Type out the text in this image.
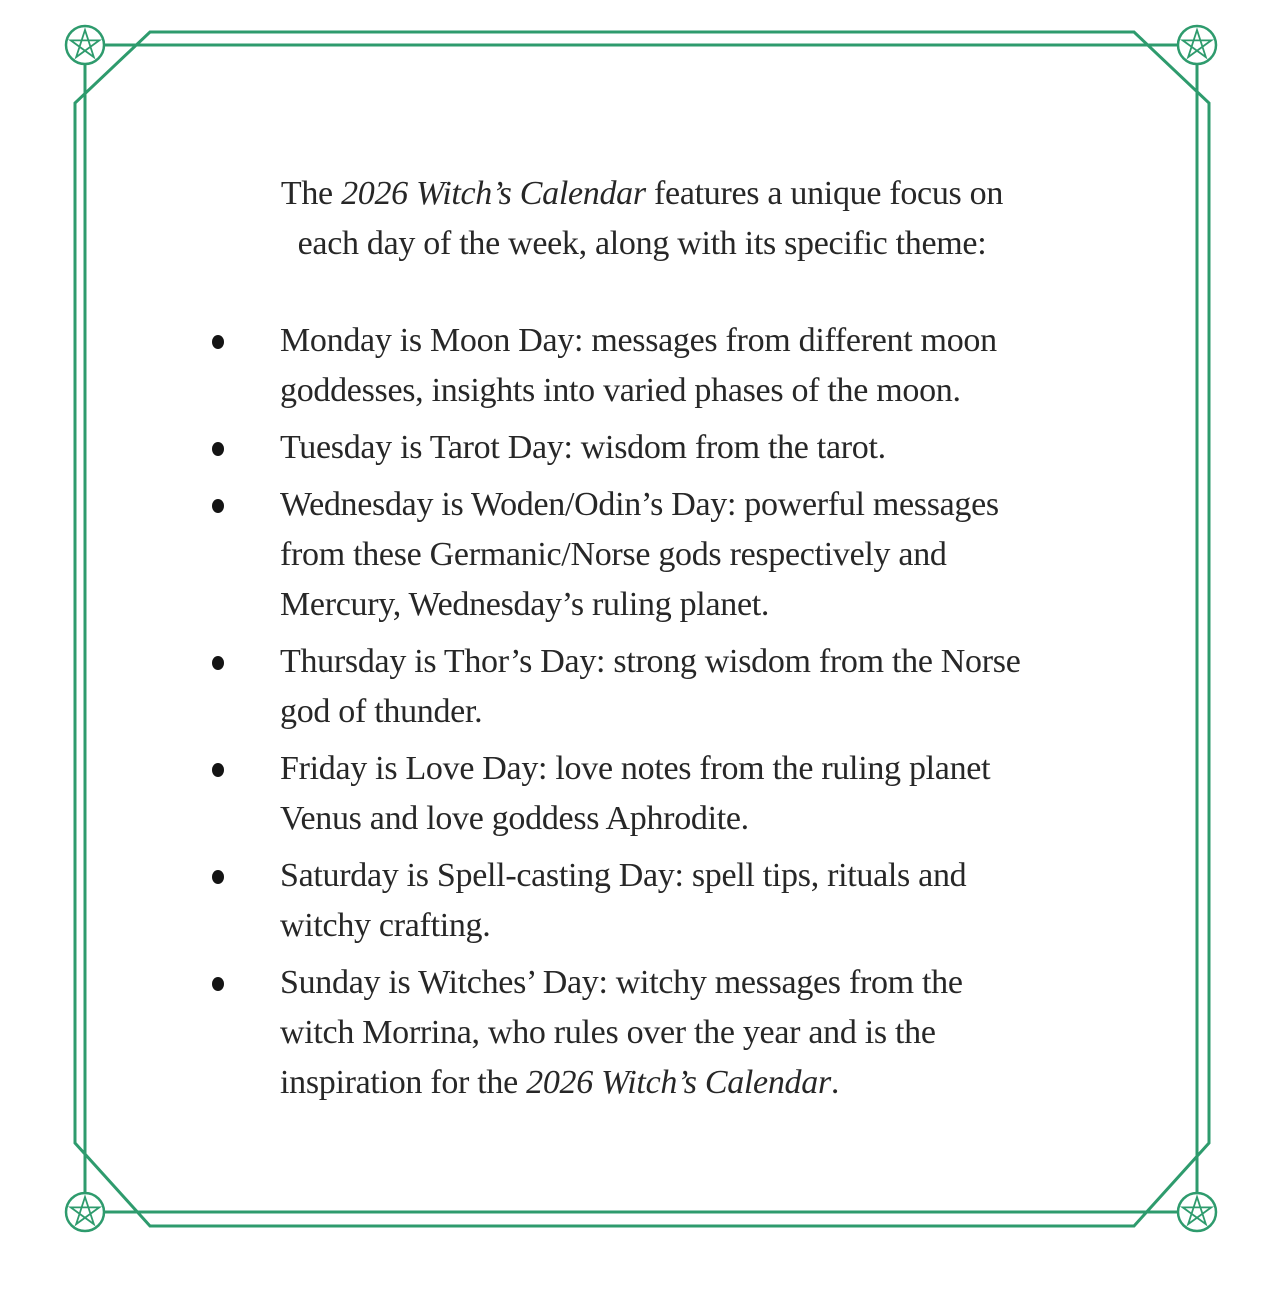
The 2026 Witch’s Calendar features a unique focus on
each day of the week, along with its specific theme:
Monday is Moon Day: messages from different moon
goddesses, insights into varied phases of the moon.
Tuesday is Tarot Day: wisdom from the tarot.
Wednesday is Woden/Odin’s Day: powerful messages
from these Germanic/Norse gods respectively and
Mercury, Wednesday’s ruling planet.
Thursday is Thor’s Day: strong wisdom from the Norse
god of thunder.
Friday is Love Day: love notes from the ruling planet
Venus and love goddess Aphrodite.
Saturday is Spell-casting Day: spell tips, rituals and
witchy crafting.
Sunday is Witches’ Day: witchy messages from the
witch Morrina, who rules over the year and is the
inspiration for the 2026 Witch’s Calendar.
